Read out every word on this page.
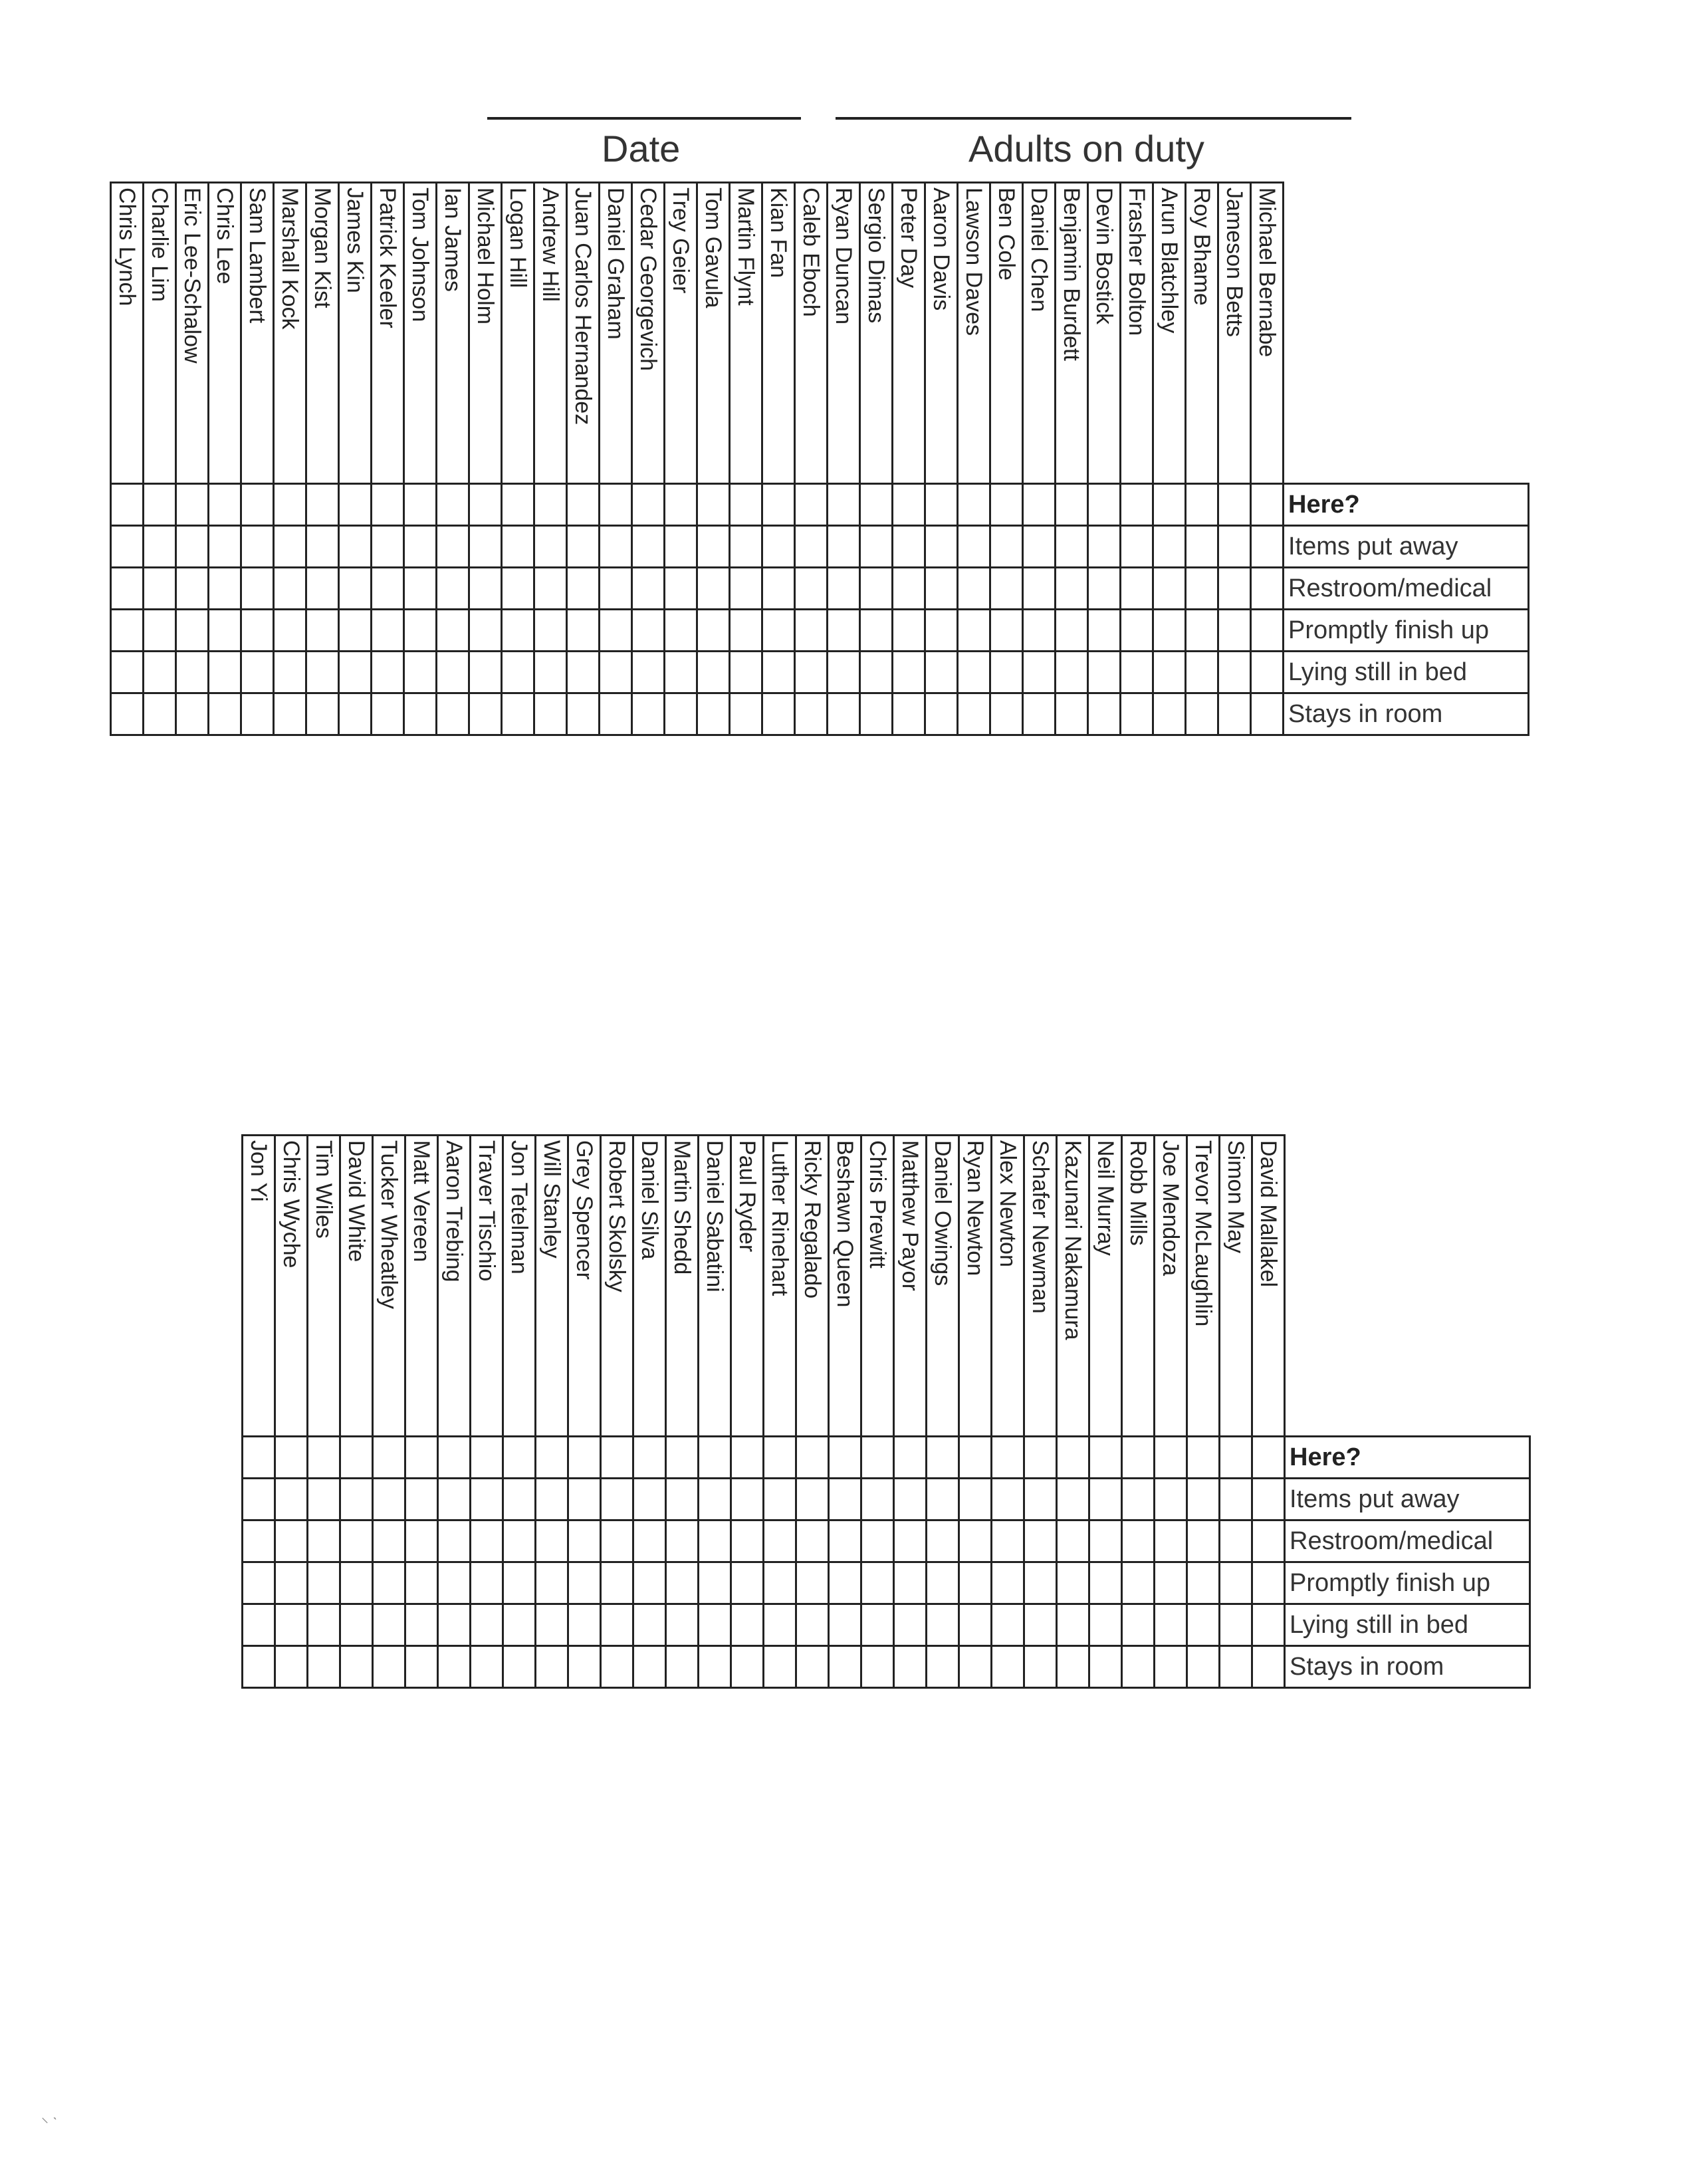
Date	Adults on duty
Chris Lynch	Charlie Lim	Eric Lee-Schalow	Chris Lee	Sam Lambert	Marshall Kock	Morgan Kist	James Kin	Patrick Keeler	Tom Johnson	Ian James	Michael Holm	Logan Hill	Andrew Hill	Juan Carlos Hernandez	Daniel Graham	Cedar Georgevich	Trey Geier	Tom Gavula	Martin Flynt	Kian Fan	Caleb Eboch	Ryan Duncan	Sergio Dimas	Peter Day	Aaron Davis	Lawson Daves	Ben Cole	Daniel Chen	Benjamin Burdett	Devin Bostick	Frasher Bolton	Arun Blatchley	Roy Bhame	Jameson Betts	Michael Bernabe	

																																				Here?
																																				Items put away
																																				Restroom/medical
																																				Promptly finish up
																																				Lying still in bed
																																				Stays in room
Jon Yi	Chris Wyche	Tim Wiles	David White	Tucker Wheatley	Matt Vereen	Aaron Trebing	Traver Tischio	Jon Tetelman	Will Stanley	Grey Spencer	Robert Skolsky	Daniel Silva	Martin Shedd	Daniel Sabatini	Paul Ryder	Luther Rinehart	Ricky Regalado	Beshawn Queen	Chris Prewitt	Matthew Payor	Daniel Owings	Ryan Newton	Alex Newton	Schafer Newman	Kazunari Nakamura	Neil Murray	Robb Mills	Joe Mendoza	Trevor McLaughlin	Simon May	David Mallakel	

																																Here?
																																Items put away
																																Restroom/medical
																																Promptly finish up
																																Lying still in bed
																																Stays in room
⸌ ˋ
